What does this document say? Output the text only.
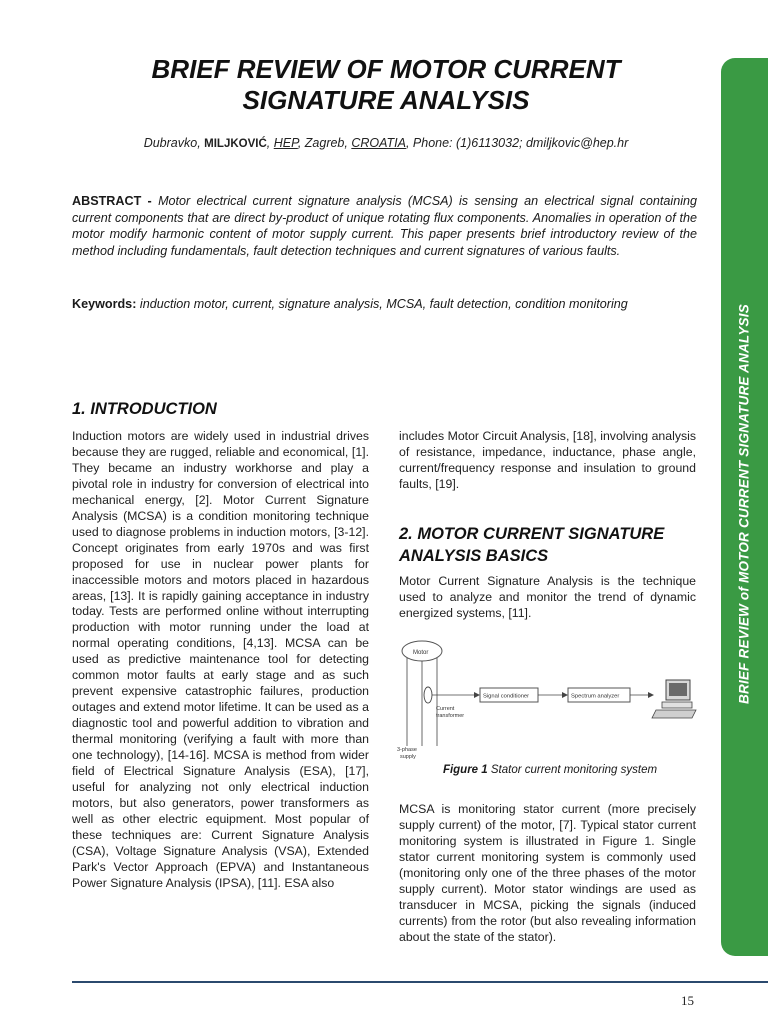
BRIEF REVIEW OF MOTOR CURRENT
SIGNATURE ANALYSIS
Dubravko, MILJKOVIĆ, HEP, Zagreb, CROATIA, Phone: (1)6113032; dmiljkovic@hep.hr
ABSTRACT - Motor electrical current signature analysis (MCSA) is sensing an electrical signal containing current components that are direct by-product of unique rotating flux components. Anomalies in operation of the motor modify harmonic content of motor supply current. This paper presents brief introductory review of the method including fundamentals, fault detection techniques and current signatures of various faults.
Keywords: induction motor, current, signature analysis, MCSA, fault detection, condition monitoring
1. INTRODUCTION
Induction motors are widely used in industrial drives because they are rugged, reliable and economical, [1]. They became an industry workhorse and play a pivotal role in industry for conversion of electrical into mechanical energy, [2]. Motor Current Signature Analysis (MCSA) is a condition monitoring technique used to diagnose problems in induction motors, [3-12]. Concept originates from early 1970s and was first proposed for use in nuclear power plants for inaccessible motors and motors placed in hazardous areas, [13]. It is rapidly gaining acceptance in industry today. Tests are performed online without interrupting production with motor running under the load at normal operating conditions, [4,13]. MCSA can be used as predictive maintenance tool for detecting common motor faults at early stage and as such prevent expensive catastrophic failures, production outages and extend motor lifetime. It can be used as a diagnostic tool and powerful addition to vibration and thermal monitoring (verifying a fault with more than one technology), [14-16]. MCSA is method from wider field of Electrical Signature Analysis (ESA), [17], useful for analyzing not only electrical induction motors, but also generators, power transformers as well as other electric equipment. Most popular of these techniques are: Current Signature Analysis (CSA), Voltage Signature Analysis (VSA), Extended Park's Vector Approach (EPVA) and Instantaneous Power Signature Analysis (IPSA), [11]. ESA also
includes Motor Circuit Analysis, [18], involving analysis of resistance, impedance, inductance, phase angle, current/frequency response and insulation to ground faults, [19].
2. MOTOR CURRENT SIGNATURE
ANALYSIS BASICS
Motor Current Signature Analysis is the technique used to analyze and monitor the trend of dynamic energized systems, [11].
Motor
Signal conditioner	Spectrum analyzer
Current
transformer
3-phase
supply
Figure 1 Stator current monitoring system
MCSA is monitoring stator current (more precisely supply current) of the motor, [7]. Typical stator current monitoring system is illustrated in Figure 1. Single stator current monitoring system is commonly used (monitoring only one of the three phases of the motor supply current). Motor stator windings are used as transducer in MCSA, picking the signals (induced currents) from the rotor (but also revealing information about the state of the stator).
BRIEF REVIEW of MOTOR CURRENT SIGNATURE ANALYSIS
15
